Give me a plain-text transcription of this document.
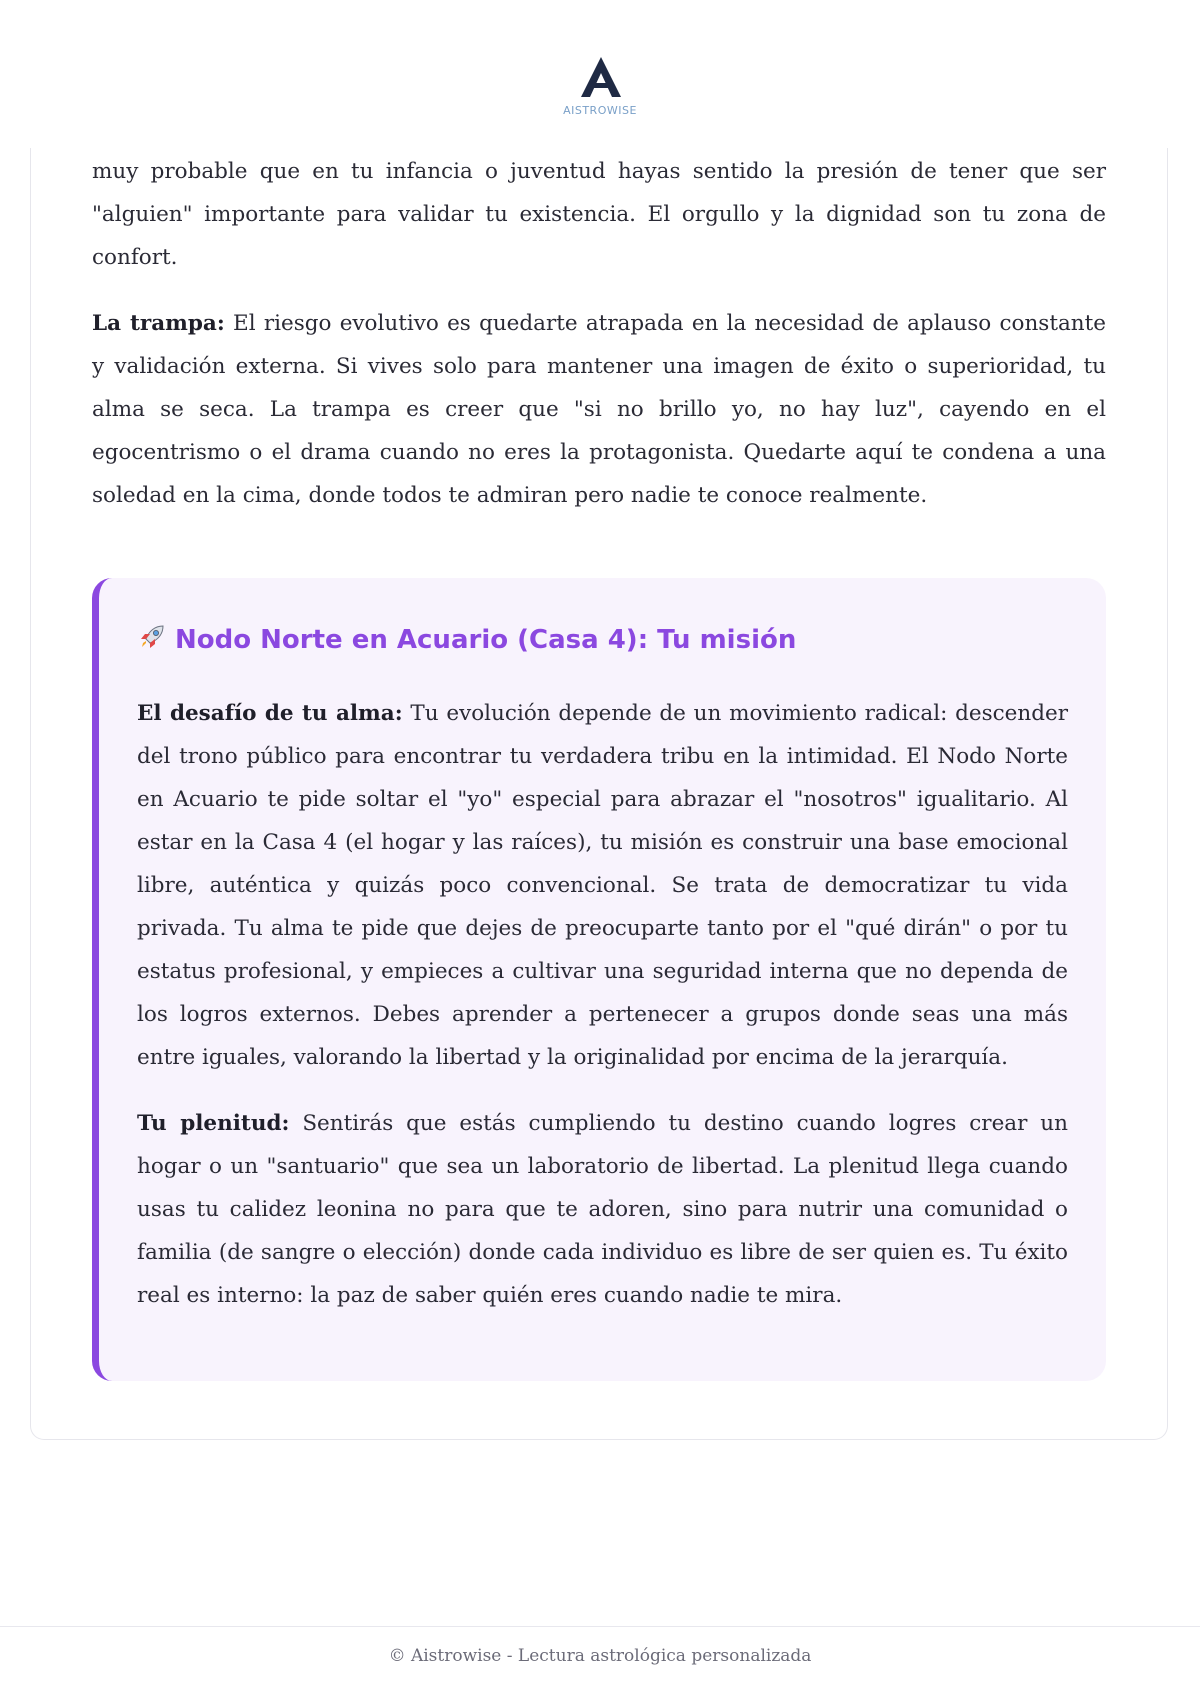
AISTROWISE

muy probable que en tu infancia o juventud hayas sentido la presión de tener que ser "alguien" importante para validar tu existencia. El orgullo y la dignidad son tu zona de confort.

La trampa: El riesgo evolutivo es quedarte atrapada en la necesidad de aplauso constante y validación externa. Si vives solo para mantener una imagen de éxito o superioridad, tu alma se seca. La trampa es creer que "si no brillo yo, no hay luz", cayendo en el egocentrismo o el drama cuando no eres la protagonista. Quedarte aquí te condena a una soledad en la cima, donde todos te admiran pero nadie te conoce realmente.

Nodo Norte en Acuario (Casa 4): Tu misión

El desafío de tu alma: Tu evolución depende de un movimiento radical: descender del trono público para encontrar tu verdadera tribu en la intimidad. El Nodo Norte en Acuario te pide soltar el "yo" especial para abrazar el "nosotros" igualitario. Al estar en la Casa 4 (el hogar y las raíces), tu misión es construir una base emocional libre, auténtica y quizás poco convencional. Se trata de democratizar tu vida privada. Tu alma te pide que dejes de preocuparte tanto por el "qué dirán" o por tu estatus profesional, y empieces a cultivar una seguridad interna que no dependa de los logros externos. Debes aprender a pertenecer a grupos donde seas una más entre iguales, valorando la libertad y la originalidad por encima de la jerarquía.

Tu plenitud: Sentirás que estás cumpliendo tu destino cuando logres crear un hogar o un "santuario" que sea un laboratorio de libertad. La plenitud llega cuando usas tu calidez leonina no para que te adoren, sino para nutrir una comunidad o familia (de sangre o elección) donde cada individuo es libre de ser quien es. Tu éxito real es interno: la paz de saber quién eres cuando nadie te mira.

© Aistrowise - Lectura astrológica personalizada
